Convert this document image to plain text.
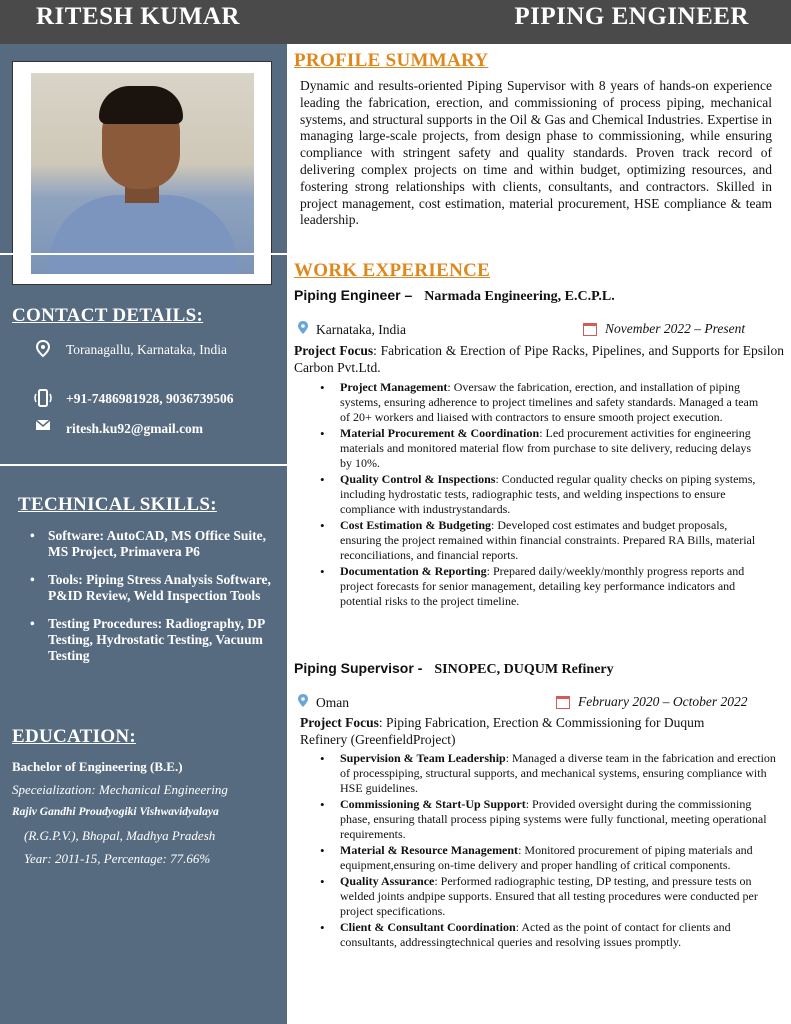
RITESH KUMAR	PIPING ENGINEER
CONTACT DETAILS:
Toranagallu, Karnataka, India
+91-7486981928, 9036739506
ritesh.ku92@gmail.com
TECHNICAL SKILLS:
• Software: AutoCAD, MS Office Suite, MS Project, Primavera P6
• Tools: Piping Stress Analysis Software, P&ID Review, Weld Inspection Tools
• Testing Procedures: Radiography, DP Testing, Hydrostatic Testing, Vacuum Testing
EDUCATION:
Bachelor of Engineering (B.E.)
Speceialization: Mechanical Engineering
Rajiv Gandhi Proudyogiki Vishwavidyalaya
(R.G.P.V.), Bhopal, Madhya Pradesh
Year: 2011-15, Percentage: 77.66%
PROFILE SUMMARY
Dynamic and results-oriented Piping Supervisor with 8 years of hands-on experience leading the fabrication, erection, and commissioning of process piping, mechanical systems, and structural supports in the Oil & Gas and Chemical Industries. Expertise in managing large-scale projects, from design phase to commissioning, while ensuring compliance with stringent safety and quality standards. Proven track record of delivering complex projects on time and within budget, optimizing resources, and fostering strong relationships with clients, consultants, and contractors. Skilled in project management, cost estimation, material procurement, HSE compliance & team leadership.
WORK EXPERIENCE
Piping Engineer – Narmada Engineering, E.C.P.L.
Karnataka, India	November 2022 – Present
Project Focus: Fabrication & Erection of Pipe Racks, Pipelines, and Supports for Epsilon Carbon Pvt.Ltd.
• Project Management: Oversaw the fabrication, erection, and installation of piping systems, ensuring adherence to project timelines and safety standards. Managed a team of 20+ workers and liaised with contractors to ensure smooth project execution.
• Material Procurement & Coordination: Led procurement activities for engineering materials and monitored material flow from purchase to site delivery, reducing delays by 10%.
• Quality Control & Inspections: Conducted regular quality checks on piping systems, including hydrostatic tests, radiographic tests, and welding inspections to ensure compliance with industrystandards.
• Cost Estimation & Budgeting: Developed cost estimates and budget proposals, ensuring the project remained within financial constraints. Prepared RA Bills, material reconciliations, and financial reports.
• Documentation & Reporting: Prepared daily/weekly/monthly progress reports and project forecasts for senior management, detailing key performance indicators and potential risks to the project timeline.
Piping Supervisor - SINOPEC, DUQUM Refinery
Oman	February 2020 – October 2022
Project Focus: Piping Fabrication, Erection & Commissioning for Duqum Refinery (GreenfieldProject)
• Supervision & Team Leadership: Managed a diverse team in the fabrication and erection of processpiping, structural supports, and mechanical systems, ensuring compliance with HSE guidelines.
• Commissioning & Start-Up Support: Provided oversight during the commissioning phase, ensuring thatall process piping systems were fully functional, meeting operational requirements.
• Material & Resource Management: Monitored procurement of piping materials and equipment,ensuring on-time delivery and proper handling of critical components.
• Quality Assurance: Performed radiographic testing, DP testing, and pressure tests on welded joints andpipe supports. Ensured that all testing procedures were conducted per project specifications.
• Client & Consultant Coordination: Acted as the point of contact for clients and consultants, addressingtechnical queries and resolving issues promptly.
